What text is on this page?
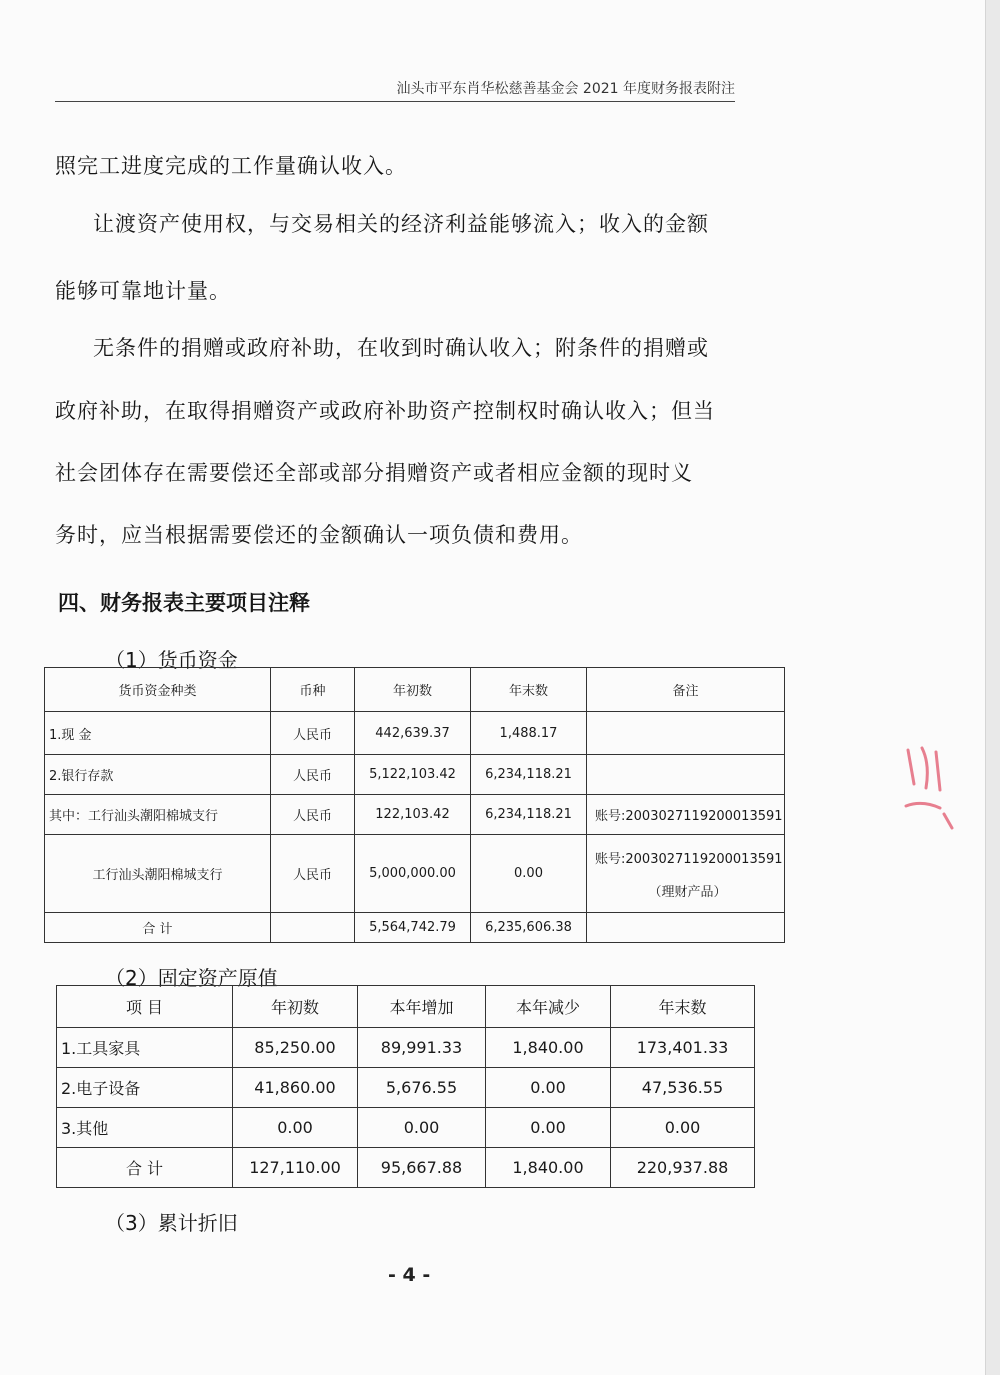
汕头市平东肖华松慈善基金会 2021 年度财务报表附注
照完工进度完成的工作量确认收入。
让渡资产使用权，与交易相关的经济利益能够流入；收入的金额
能够可靠地计量。
无条件的捐赠或政府补助，在收到时确认收入；附条件的捐赠或
政府补助，在取得捐赠资产或政府补助资产控制权时确认收入；但当
社会团体存在需要偿还全部或部分捐赠资产或者相应金额的现时义
务时，应当根据需要偿还的金额确认一项负债和费用。
四、财务报表主要项目注释
（1）货币资金
货币资金种类	币种	年初数	年末数	备注
1.现 金	人民币	442,639.37	1,488.17	
2.银行存款	人民币	5,122,103.42	6,234,118.21	
其中：工行汕头潮阳棉城支行	人民币	122,103.42	6,234,118.21	账号:2003027119200013591
工行汕头潮阳棉城支行	人民币	5,000,000.00	0.00	账号:2003027119200013591
（理财产品）

合 计		5,564,742.79	6,235,606.38	
（2）固定资产原值
项 目	年初数	本年增加	本年减少	年末数
1.工具家具	85,250.00	89,991.33	1,840.00	173,401.33
2.电子设备	41,860.00	5,676.55	0.00	47,536.55
3.其他	0.00	0.00	0.00	0.00
合 计	127,110.00	95,667.88	1,840.00	220,937.88
（3）累计折旧
- 4 -
